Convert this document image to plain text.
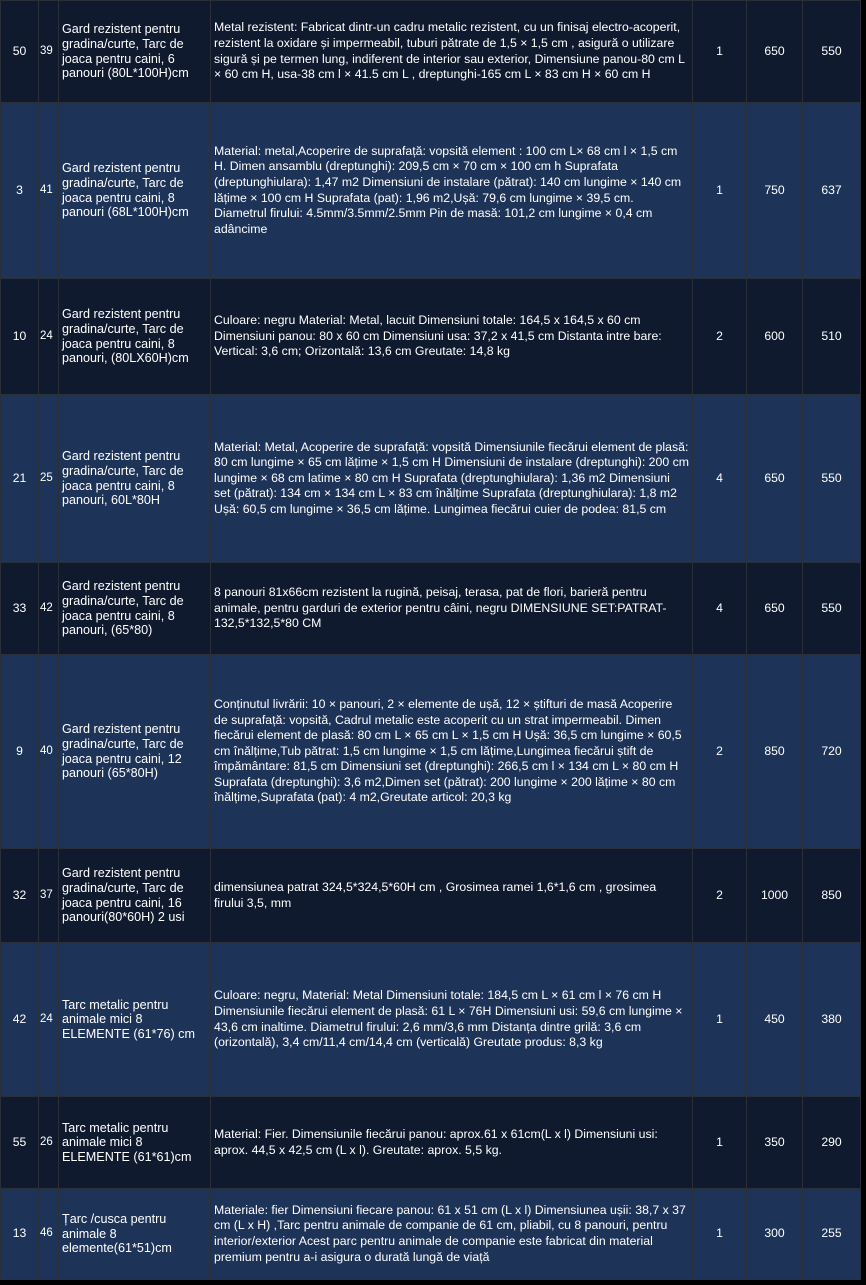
50	39	Gard rezistent pentru gradina/curte, Tarc de joaca pentru caini, 6 panouri (80L*100H)cm	Metal rezistent: Fabricat dintr-un cadru metalic rezistent, cu un finisaj electro-acoperit, rezistent la oxidare și impermeabil, tuburi pătrate de 1,5 × 1,5 cm , asigură o utilizare sigură și pe termen lung, indiferent de interior sau exterior, Dimensiune panou-80 cm L × 60 cm H, usa-38 cm l × 41.5 cm L , dreptunghi-165 cm L × 83 cm H × 60 cm H	1	650	550	
3	41	Gard rezistent pentru gradina/curte, Tarc de joaca pentru caini, 8 panouri (68L*100H)cm	Material: metal,Acoperire de suprafață: vopsită element : 100 cm L× 68 cm l × 1,5 cm H. Dimen ansamblu (dreptunghi): 209,5 cm × 70 cm × 100 cm h Suprafata (dreptunghiulara): 1,47 m2 Dimensiuni de instalare (pătrat): 140 cm lungime × 140 cm lățime × 100 cm H Suprafata (pat): 1,96 m2,Ușă: 79,6 cm lungime × 39,5 cm. Diametrul firului: 4.5mm/3.5mm/2.5mm Pin de masă: 101,2 cm lungime × 0,4 cm adâncime	1	750	637	
10	24	Gard rezistent pentru gradina/curte, Tarc de joaca pentru caini, 8 panouri, (80LX60H)cm	Culoare: negru Material: Metal, lacuit Dimensiuni totale: 164,5 x 164,5 x 60 cm Dimensiuni panou: 80 x 60 cm Dimensiuni usa: 37,2 x 41,5 cm Distanta intre bare: Vertical: 3,6 cm; Orizontală: 13,6 cm Greutate: 14,8 kg	2	600	510	
21	25	Gard rezistent pentru gradina/curte, Tarc de joaca pentru caini, 8 panouri, 60L*80H	Material: Metal, Acoperire de suprafață: vopsită Dimensiunile fiecărui element de plasă: 80 cm lungime × 65 cm lățime × 1,5 cm H Dimensiuni de instalare (dreptunghi): 200 cm lungime × 68 cm latime × 80 cm H Suprafata (dreptunghiulara): 1,36 m2 Dimensiuni set (pătrat): 134 cm × 134 cm L × 83 cm înălțime Suprafata (dreptunghiulara): 1,8 m2 Ușă: 60,5 cm lungime × 36,5 cm lățime. Lungimea fiecărui cuier de podea: 81,5 cm	4	650	550	
33	42	Gard rezistent pentru gradina/curte, Tarc de joaca pentru caini, 8 panouri, (65*80)	8 panouri 81x66cm rezistent la rugină, peisaj, terasa, pat de flori, barieră pentru animale, pentru garduri de exterior pentru câini, negru DIMENSIUNE SET:PATRAT-132,5*132,5*80 CM	4	650	550	
9	40	Gard rezistent pentru gradina/curte, Tarc de joaca pentru caini, 12 panouri (65*80H)	Conținutul livrării: 10 × panouri, 2 × elemente de ușă, 12 × știfturi de masă Acoperire de suprafață: vopsită, Cadrul metalic este acoperit cu un strat impermeabil. Dimen fiecărui element de plasă: 80 cm L × 65 cm L × 1,5 cm H Ușă: 36,5 cm lungime × 60,5 cm înălțime,Tub pătrat: 1,5 cm lungime × 1,5 cm lățime,Lungimea fiecărui știft de împământare: 81,5 cm Dimensiuni set (dreptunghi): 266,5 cm l × 134 cm L × 80 cm H Suprafata (dreptunghi): 3,6 m2,Dimen set (pătrat): 200 lungime × 200 lățime × 80 cm înălțime,Suprafata (pat): 4 m2,Greutate articol: 20,3 kg	2	850	720	
32	37	Gard rezistent pentru gradina/curte, Tarc de joaca pentru caini, 16 panouri(80*60H) 2 usi	dimensiunea patrat 324,5*324,5*60H cm , Grosimea ramei 1,6*1,6 cm , grosimea firului 3,5, mm	2	1000	850	
42	24	Tarc metalic pentru animale mici 8 ELEMENTE (61*76) cm	Culoare: negru, Material: Metal Dimensiuni totale: 184,5 cm L × 61 cm l × 76 cm H Dimensiunile fiecărui element de plasă: 61 L × 76H Dimensiuni usi: 59,6 cm lungime × 43,6 cm inaltime. Diametrul firului: 2,6 mm/3,6 mm Distanța dintre grilă: 3,6 cm (orizontală), 3,4 cm/11,4 cm/14,4 cm (verticală) Greutate produs: 8,3 kg	1	450	380	
55	26	Tarc metalic pentru animale mici 8 ELEMENTE (61*61)cm	Material: Fier. Dimensiunile fiecărui panou: aprox.61 x 61cm(L x l) Dimensiuni usi: aprox. 44,5 x 42,5 cm (L x l). Greutate: aprox. 5,5 kg.	1	350	290	
13	46	Țarc /cusca pentru animale 8 elemente(61*51)cm	Materiale: fier Dimensiuni fiecare panou: 61 x 51 cm (L x l) Dimensiunea ușii: 38,7 x 37 cm (L x H) ,Tarc pentru animale de companie de 61 cm, pliabil, cu 8 panouri, pentru interior/exterior Acest parc pentru animale de companie este fabricat din material premium pentru a-i asigura o durată lungă de viață	1	300	255	
